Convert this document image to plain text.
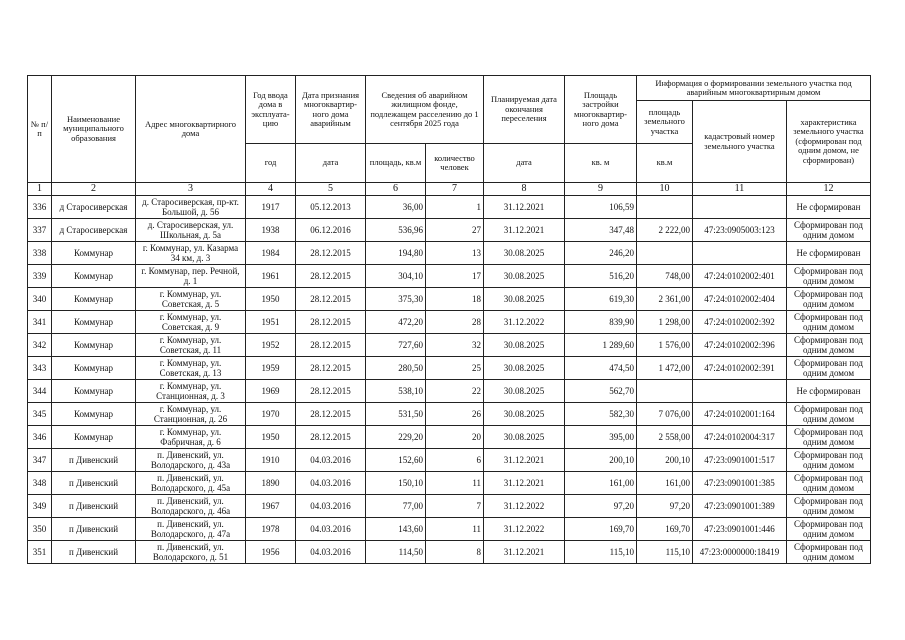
№ п/п	Наименование муниципального образования	Адрес многоквартирного дома	Год ввода дома в эксплуата-цию	Дата признания многоквартир-ного дома аварийным	Сведения об аварийном жилищном фонде, подлежащем расселению до 1 сентября 2025 года		Планируемая дата окончания переселения	Площадь застройки многоквартир-ного дома	Информация о формировании земельного участка под аварийным многоквартирным домом		
									площадь земельного участка	кадастровый номер земельного участка	характеристика земельного участка (сформирован под одним домом, не сформирован)
			год	дата	площадь, кв.м	количество человек	дата	кв. м	кв.м		
1	2	3	4	5	6	7	8	9	10	11	12
336	д Старосиверская	д. Старосиверская, пр-кт. Большой, д. 56	1917	05.12.2013	36,00	1	31.12.2021	106,59			Не сформирован
337	д Старосиверская	д. Старосиверская, ул. Школьная, д. 5а	1938	06.12.2016	536,96	27	31.12.2021	347,48	2 222,00	47:23:0905003:123	Сформирован под одним домом
338	Коммунар	г. Коммунар, ул. Казарма 34 км, д. 3	1984	28.12.2015	194,80	13	30.08.2025	246,20			Не сформирован
339	Коммунар	г. Коммунар, пер. Речной, д. 1	1961	28.12.2015	304,10	17	30.08.2025	516,20	748,00	47:24:0102002:401	Сформирован под одним домом
340	Коммунар	г. Коммунар, ул. Советская, д. 5	1950	28.12.2015	375,30	18	30.08.2025	619,30	2 361,00	47:24:0102002:404	Сформирован под одним домом
341	Коммунар	г. Коммунар, ул. Советская, д. 9	1951	28.12.2015	472,20	28	31.12.2022	839,90	1 298,00	47:24:0102002:392	Сформирован под одним домом
342	Коммунар	г. Коммунар, ул. Советская, д. 11	1952	28.12.2015	727,60	32	30.08.2025	1 289,60	1 576,00	47:24:0102002:396	Сформирован под одним домом
343	Коммунар	г. Коммунар, ул. Советская, д. 13	1959	28.12.2015	280,50	25	30.08.2025	474,50	1 472,00	47:24:0102002:391	Сформирован под одним домом
344	Коммунар	г. Коммунар, ул. Станционная, д. 3	1969	28.12.2015	538,10	22	30.08.2025	562,70			Не сформирован
345	Коммунар	г. Коммунар, ул. Станционная, д. 26	1970	28.12.2015	531,50	26	30.08.2025	582,30	7 076,00	47:24:0102001:164	Сформирован под одним домом
346	Коммунар	г. Коммунар, ул. Фабричная, д. 6	1950	28.12.2015	229,20	20	30.08.2025	395,00	2 558,00	47:24:0102004:317	Сформирован под одним домом
347	п Дивенский	п. Дивенский, ул. Володарского, д. 43а	1910	04.03.2016	152,60	6	31.12.2021	200,10	200,10	47:23:0901001:517	Сформирован под одним домом
348	п Дивенский	п. Дивенский, ул. Володарского, д. 45а	1890	04.03.2016	150,10	11	31.12.2021	161,00	161,00	47:23:0901001:385	Сформирован под одним домом
349	п Дивенский	п. Дивенский, ул. Володарского, д. 46а	1967	04.03.2016	77,00	7	31.12.2022	97,20	97,20	47:23:0901001:389	Сформирован под одним домом
350	п Дивенский	п. Дивенский, ул. Володарского, д. 47а	1978	04.03.2016	143,60	11	31.12.2022	169,70	169,70	47:23:0901001:446	Сформирован под одним домом
351	п Дивенский	п. Дивенский, ул. Володарского, д. 51	1956	04.03.2016	114,50	8	31.12.2021	115,10	115,10	47:23:0000000:18419	Сформирован под одним домом
